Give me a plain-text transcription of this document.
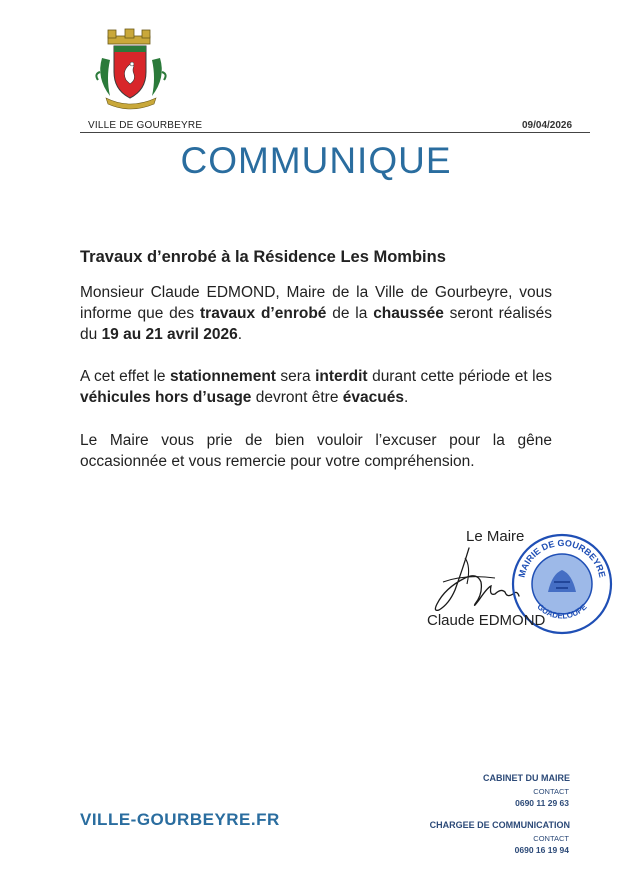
VILLE DE GOURBEYRE	09/04/2026
COMMUNIQUE
Travaux d’enrobé à la Résidence Les Mombins
Monsieur Claude EDMOND, Maire de la Ville de Gourbeyre, vous informe que des travaux d’enrobé de la chaussée seront réalisés du 19 au 21 avril 2026.
A cet effet le stationnement sera interdit durant cette période et les véhicules hors d’usage devront être évacués.
Le Maire vous prie de bien vouloir l’excuser pour la gêne occasionnée et vous remercie pour votre compréhension.
Le Maire
MAIRIE DE GOURBEYRE
GUADELOUPE
Claude EDMOND
VILLE-GOURBEYRE.FR
CABINET DU MAIRE
CONTACT
0690 11 29 63
CHARGEE DE COMMUNICATION
CONTACT
0690 16 19 94
